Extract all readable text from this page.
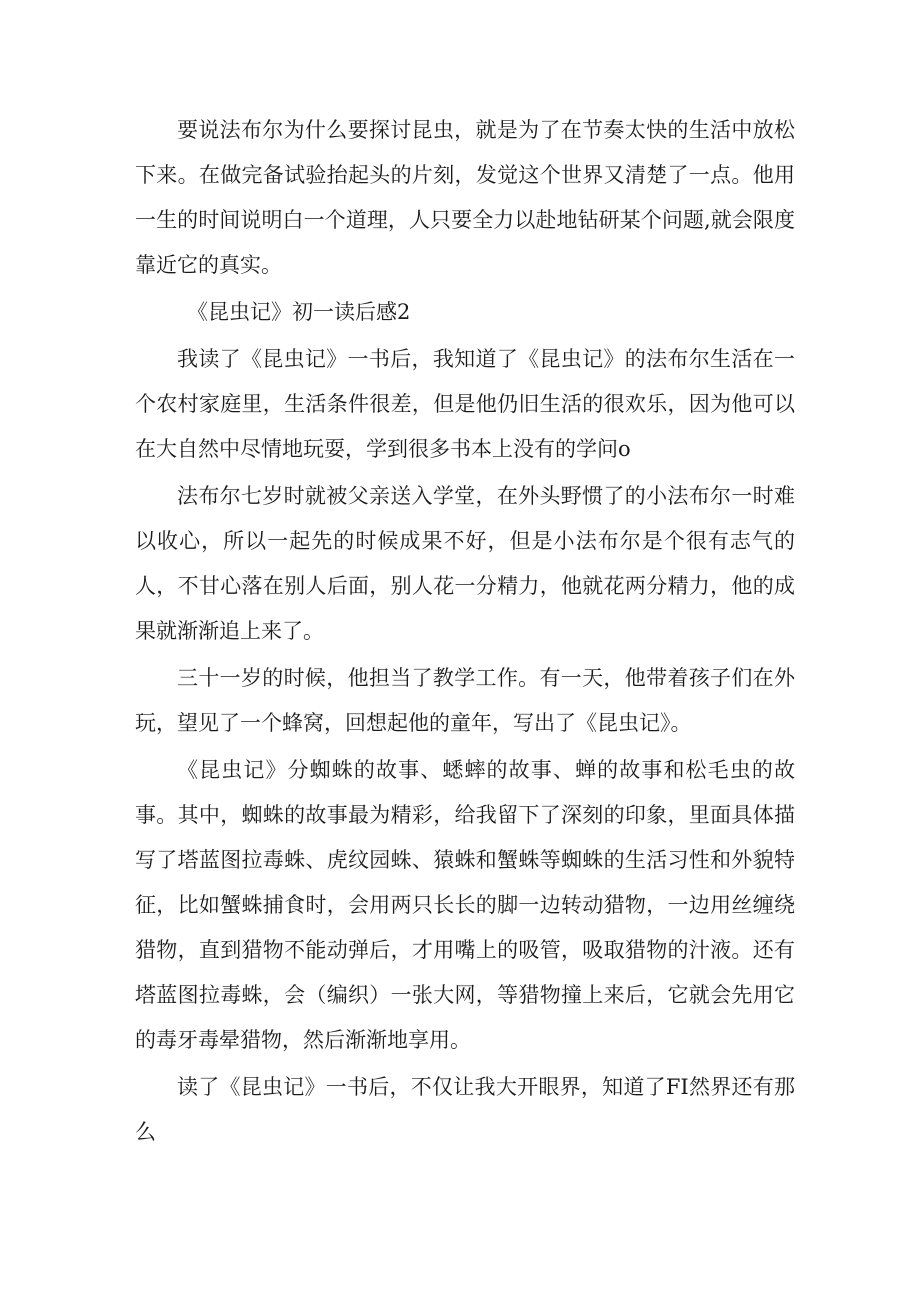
要说法布尔为什么要探讨昆虫，就是为了在节奏太快的生活中放松下来。在做完备试验抬起头的片刻，发觉这个世界又清楚了一点。他用一生的时间说明白一个道理，人只要全力以赴地钻研某个问题,就会限度靠近它的真实。

《昆虫记》初一读后感2

我读了《昆虫记》一书后，我知道了《昆虫记》的法布尔生活在一个农村家庭里，生活条件很差，但是他仍旧生活的很欢乐，因为他可以在大自然中尽情地玩耍，学到很多书本上没有的学问o

法布尔七岁时就被父亲送入学堂，在外头野惯了的小法布尔一时难以收心，所以一起先的时候成果不好，但是小法布尔是个很有志气的人，不甘心落在别人后面，别人花一分精力，他就花两分精力，他的成果就渐渐追上来了。

三十一岁的时候，他担当了教学工作。有一天，他带着孩子们在外玩，望见了一个蜂窝，回想起他的童年，写出了《昆虫记》。

《昆虫记》分蜘蛛的故事、蟋蟀的故事、蝉的故事和松毛虫的故事。其中，蜘蛛的故事最为精彩，给我留下了深刻的印象，里面具体描写了塔蓝图拉毒蛛、虎纹园蛛、猿蛛和蟹蛛等蜘蛛的生活习性和外貌特征，比如蟹蛛捕食时，会用两只长长的脚一边转动猎物，一边用丝缠绕猎物，直到猎物不能动弹后，才用嘴上的吸管，吸取猎物的汁液。还有塔蓝图拉毒蛛，会（编织）一张大网，等猎物撞上来后，它就会先用它的毒牙毒晕猎物，然后渐渐地享用。

读了《昆虫记》一书后，不仅让我大开眼界，知道了FI然界还有那么
